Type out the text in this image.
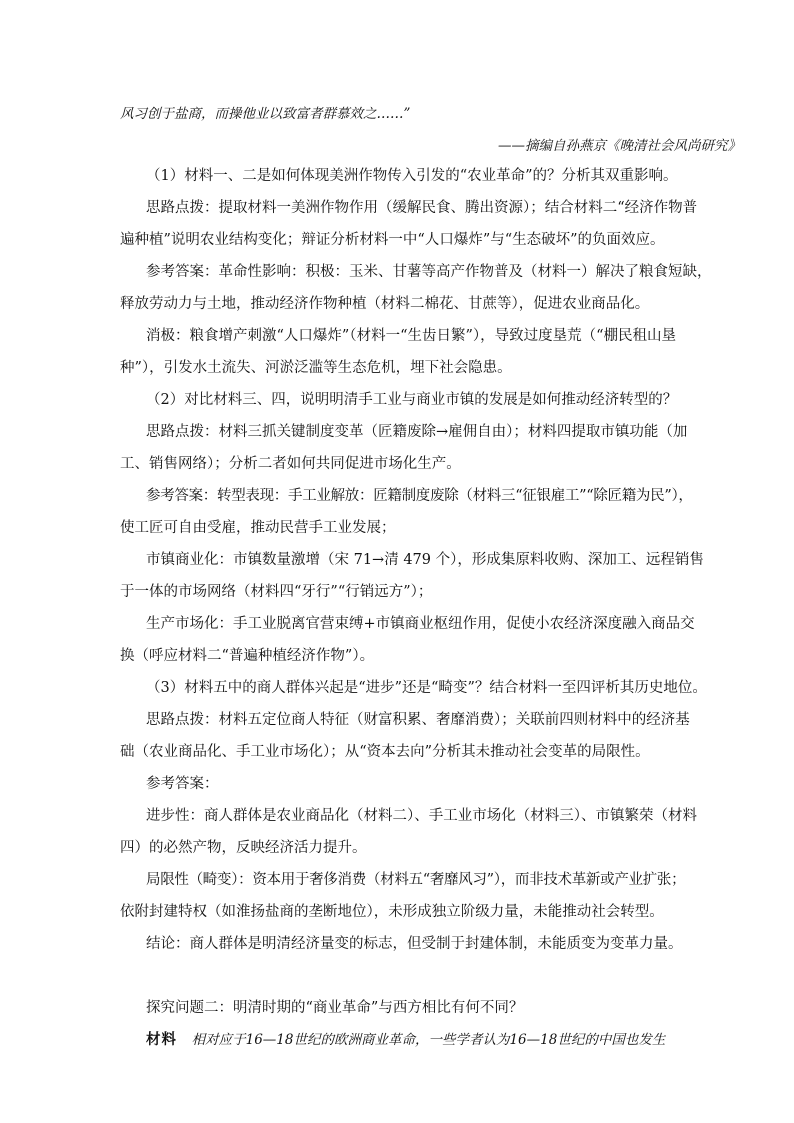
风习创于盐商，而操他业以致富者群慕效之……”
——摘编自孙燕京《晚清社会风尚研究》
（1）材料一、二是如何体现美洲作物传入引发的“农业革命”的？分析其双重影响。
思路点拨：提取材料一美洲作物作用（缓解民食、腾出资源）；结合材料二“经济作物普
遍种植”说明农业结构变化；辩证分析材料一中“人口爆炸”与“生态破坏”的负面效应。
参考答案：革命性影响：积极：玉米、甘薯等高产作物普及（材料一）解决了粮食短缺，
释放劳动力与土地，推动经济作物种植（材料二棉花、甘蔗等），促进农业商品化。
消极：粮食增产刺激“人口爆炸”（材料一“生齿日繁”），导致过度垦荒（“棚民租山垦
种”），引发水土流失、河淤泛滥等生态危机，埋下社会隐患。
（2）对比材料三、四，说明明清手工业与商业市镇的发展是如何推动经济转型的？
思路点拨：材料三抓关键制度变革（匠籍废除→雇佣自由）；材料四提取市镇功能（加
工、销售网络）；分析二者如何共同促进市场化生产。
参考答案：转型表现：手工业解放：匠籍制度废除（材料三“征银雇工”“除匠籍为民”），
使工匠可自由受雇，推动民营手工业发展；
市镇商业化：市镇数量激增（宋 71→清 479 个），形成集原料收购、深加工、远程销售
于一体的市场网络（材料四“牙行”“行销远方”）；
生产市场化：手工业脱离官营束缚+市镇商业枢纽作用，促使小农经济深度融入商品交
换（呼应材料二“普遍种植经济作物”）。
（3）材料五中的商人群体兴起是“进步”还是“畸变”？结合材料一至四评析其历史地位。
思路点拨：材料五定位商人特征（财富积累、奢靡消费）；关联前四则材料中的经济基
础（农业商品化、手工业市场化）；从“资本去向”分析其未推动社会变革的局限性。
参考答案：
进步性：商人群体是农业商品化（材料二）、手工业市场化（材料三）、市镇繁荣（材料
四）的必然产物，反映经济活力提升。
局限性（畸变）：资本用于奢侈消费（材料五“奢靡风习”），而非技术革新或产业扩张；
依附封建特权（如淮扬盐商的垄断地位），未形成独立阶级力量，未能推动社会转型。
结论：商人群体是明清经济量变的标志，但受制于封建体制，未能质变为变革力量。
探究问题二：明清时期的“商业革命”与西方相比有何不同？
材料 相对应于16—18世纪的欧洲商业革命，一些学者认为16—18世纪的中国也发生
